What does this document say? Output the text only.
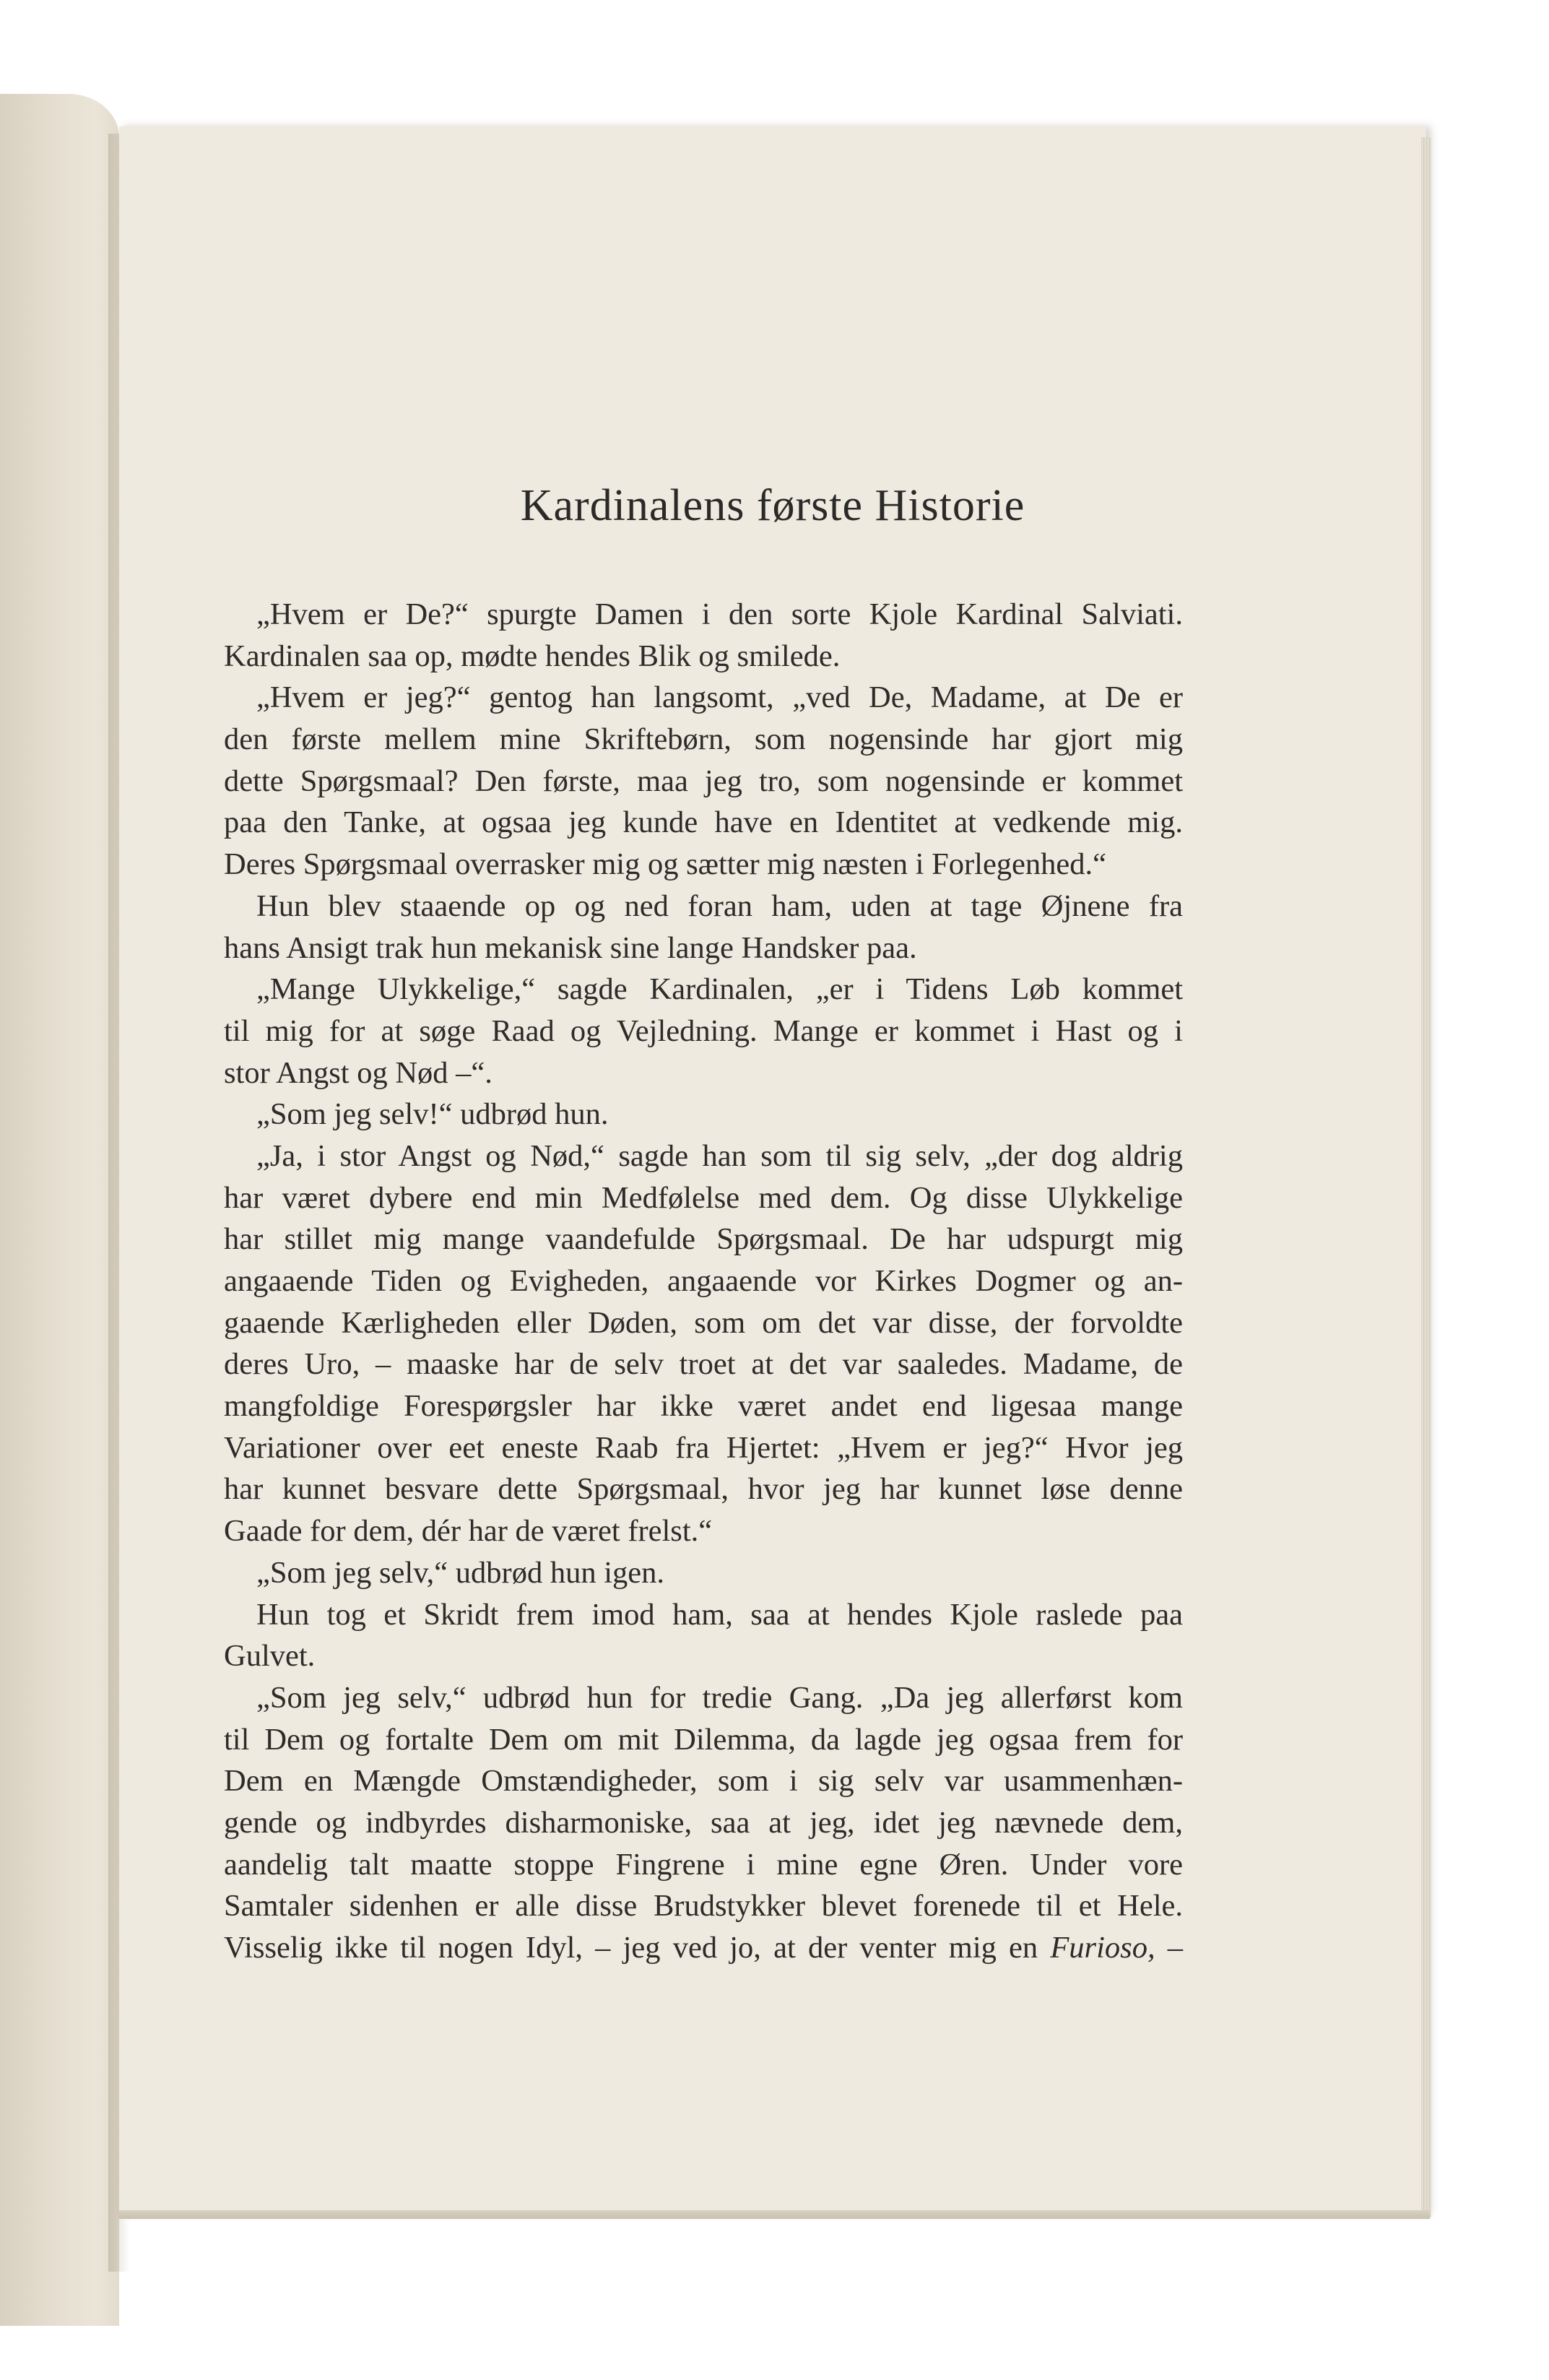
Kardinalens første Historie
„Hvem er De?“ spurgte Damen i den sorte Kjole Kardinal Salviati.
Kardinalen saa op, mødte hendes Blik og smilede.
„Hvem er jeg?“ gentog han langsomt, „ved De, Madame, at De er
den første mellem mine Skriftebørn, som nogensinde har gjort mig
dette Spørgsmaal? Den første, maa jeg tro, som nogensinde er kommet
paa den Tanke, at ogsaa jeg kunde have en Identitet at vedkende mig.
Deres Spørgsmaal overrasker mig og sætter mig næsten i Forlegenhed.“
Hun blev staaende op og ned foran ham, uden at tage Øjnene fra
hans Ansigt trak hun mekanisk sine lange Handsker paa.
„Mange Ulykkelige,“ sagde Kardinalen, „er i Tidens Løb kommet
til mig for at søge Raad og Vejledning. Mange er kommet i Hast og i
stor Angst og Nød –“.
„Som jeg selv!“ udbrød hun.
„Ja, i stor Angst og Nød,“ sagde han som til sig selv, „der dog aldrig
har været dybere end min Medfølelse med dem. Og disse Ulykkelige
har stillet mig mange vaandefulde Spørgsmaal. De har udspurgt mig
angaaende Tiden og Evigheden, angaaende vor Kirkes Dogmer og an-
gaaende Kærligheden eller Døden, som om det var disse, der forvoldte
deres Uro, – maaske har de selv troet at det var saaledes. Madame, de
mangfoldige Forespørgsler har ikke været andet end ligesaa mange
Variationer over eet eneste Raab fra Hjertet: „Hvem er jeg?“ Hvor jeg
har kunnet besvare dette Spørgsmaal, hvor jeg har kunnet løse denne
Gaade for dem, dér har de været frelst.“
„Som jeg selv,“ udbrød hun igen.
Hun tog et Skridt frem imod ham, saa at hendes Kjole raslede paa
Gulvet.
„Som jeg selv,“ udbrød hun for tredie Gang. „Da jeg allerførst kom
til Dem og fortalte Dem om mit Dilemma, da lagde jeg ogsaa frem for
Dem en Mængde Omstændigheder, som i sig selv var usammenhæn-
gende og indbyrdes disharmoniske, saa at jeg, idet jeg nævnede dem,
aandelig talt maatte stoppe Fingrene i mine egne Øren. Under vore
Samtaler sidenhen er alle disse Brudstykker blevet forenede til et Hele.
Visselig ikke til nogen Idyl, – jeg ved jo, at der venter mig en Furioso, –
